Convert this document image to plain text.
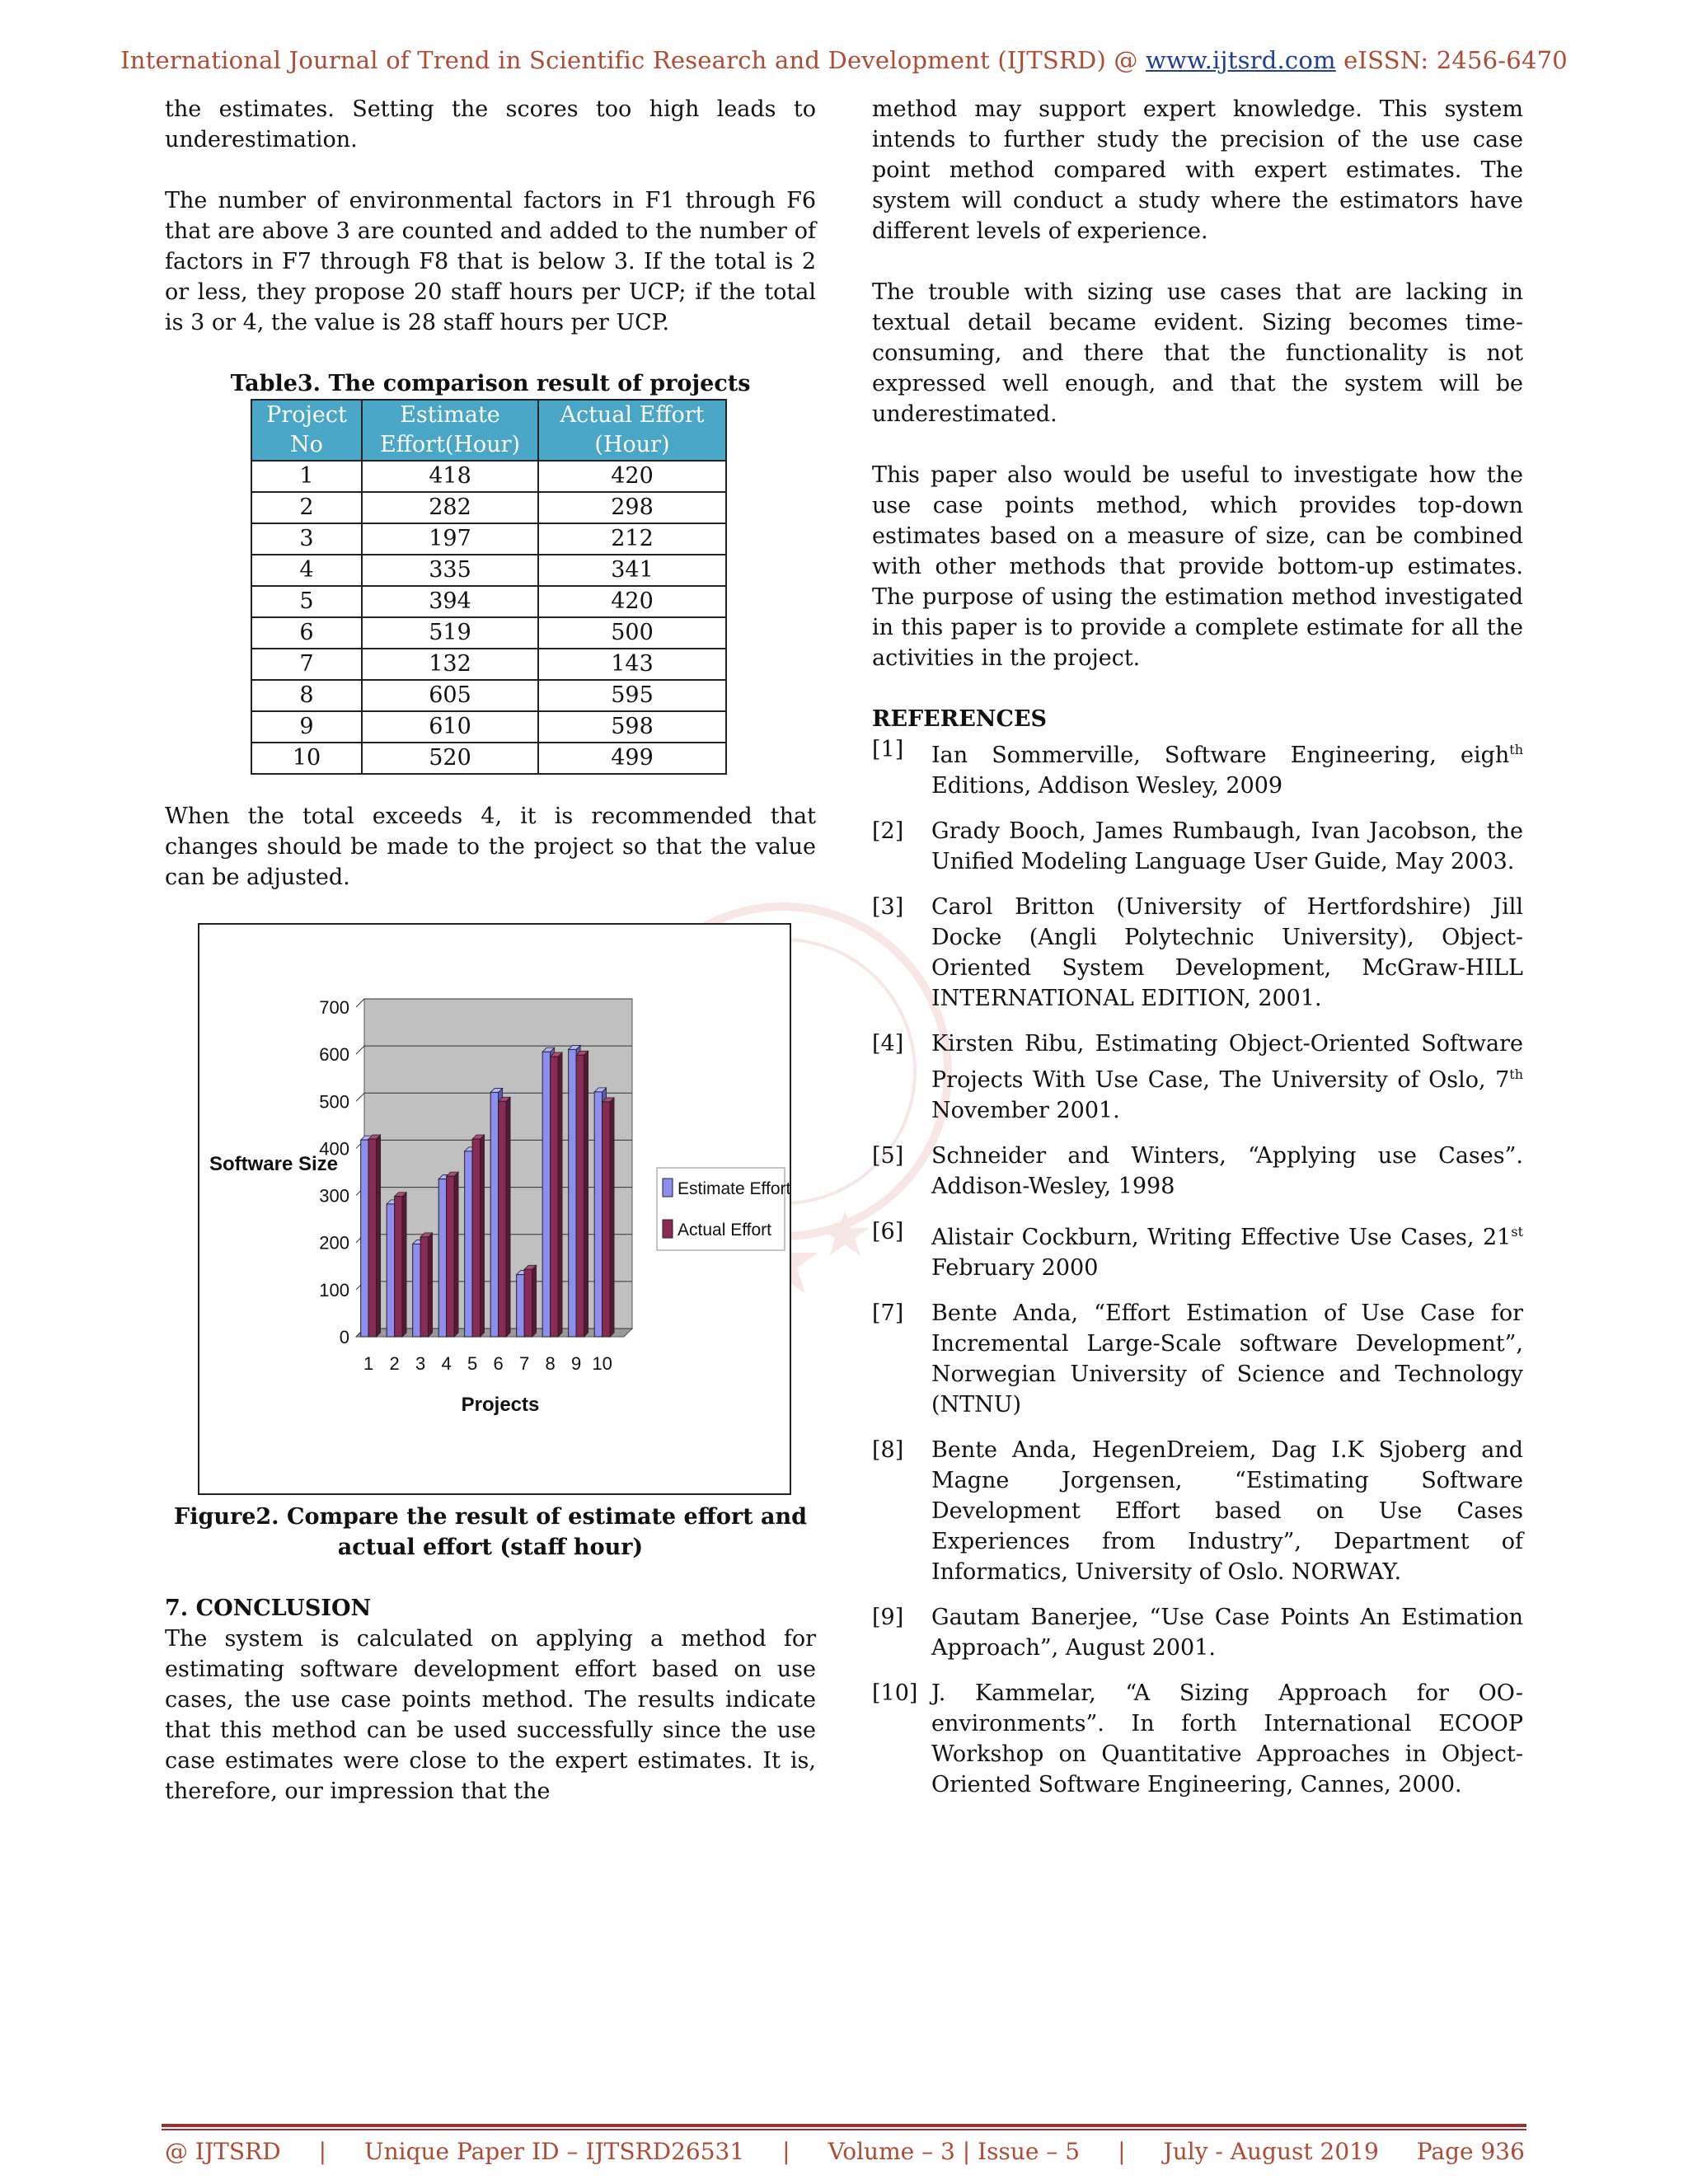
International Journal of Trend in Scientific Research and Development (IJTSRD) @ www.ijtsrd.com eISSN: 2456-6470

the estimates. Setting the scores too high leads to underestimation.

The number of environmental factors in F1 through F6 that are above 3 are counted and added to the number of factors in F7 through F8 that is below 3. If the total is 2 or less, they propose 20 staff hours per UCP; if the total is 3 or 4, the value is 28 staff hours per UCP.

Table3. The comparison result of projects

Project No	Estimate Effort(Hour)	Actual Effort (Hour)
1	418	420
2	282	298
3	197	212
4	335	341
5	394	420
6	519	500
7	132	143
8	605	595
9	610	598
10	520	499

When the total exceeds 4, it is recommended that changes should be made to the project so that the value can be adjusted.

0
100
200
300
400
500
600
700
1 2 3 4 5 6 7 8 9 10
Software Size
Projects
Estimate Effort
Actual Effort

Figure2. Compare the result of estimate effort and actual effort (staff hour)

7. CONCLUSION

The system is calculated on applying a method for estimating software development effort based on use cases, the use case points method. The results indicate that this method can be used successfully since the use case estimates were close to the expert estimates. It is, therefore, our impression that the

method may support expert knowledge. This system intends to further study the precision of the use case point method compared with expert estimates. The system will conduct a study where the estimators have different levels of experience.

The trouble with sizing use cases that are lacking in textual detail became evident. Sizing becomes time-consuming, and there that the functionality is not expressed well enough, and that the system will be underestimated.

This paper also would be useful to investigate how the use case points method, which provides top-down estimates based on a measure of size, can be combined with other methods that provide bottom-up estimates. The purpose of using the estimation method investigated in this paper is to provide a complete estimate for all the activities in the project.

REFERENCES

[1]	Ian Sommerville, Software Engineering, eigh$^{th}$ Editions, Addison Wesley, 2009
[2]	Grady Booch, James Rumbaugh, Ivan Jacobson, the Unified Modeling Language User Guide, May 2003.
[3]	Carol Britton (University of Hertfordshire) Jill Docke (Angli Polytechnic University), Object-Oriented System Development, McGraw-HILL INTERNATIONAL EDITION, 2001.
[4]	Kirsten Ribu, Estimating Object-Oriented Software Projects With Use Case, The University of Oslo, 7th November 2001.
[5]	Schneider and Winters, “Applying use Cases”. Addison-Wesley, 1998
[6]	Alistair Cockburn, Writing Effective Use Cases, 21st February 2000
[7]	Bente Anda, “Effort Estimation of Use Case for Incremental Large-Scale software Development”, Norwegian University of Science and Technology (NTNU)
[8]	Bente Anda, HegenDreiem, Dag I.K Sjoberg and Magne Jorgensen, “Estimating Software Development Effort based on Use Cases Experiences from Industry”, Department of Informatics, University of Oslo. NORWAY.
[9]	Gautam Banerjee, “Use Case Points An Estimation Approach”, August 2001.
[10] J. Kammelar, “A Sizing Approach for OO-environments”. In forth International ECOOP Workshop on Quantitative Approaches in Object-Oriented Software Engineering, Cannes, 2000.
@ IJTSRD | Unique Paper ID – IJTSRD26531 | Volume – 3 | Issue – 5 | July - August 2019 Page 936
